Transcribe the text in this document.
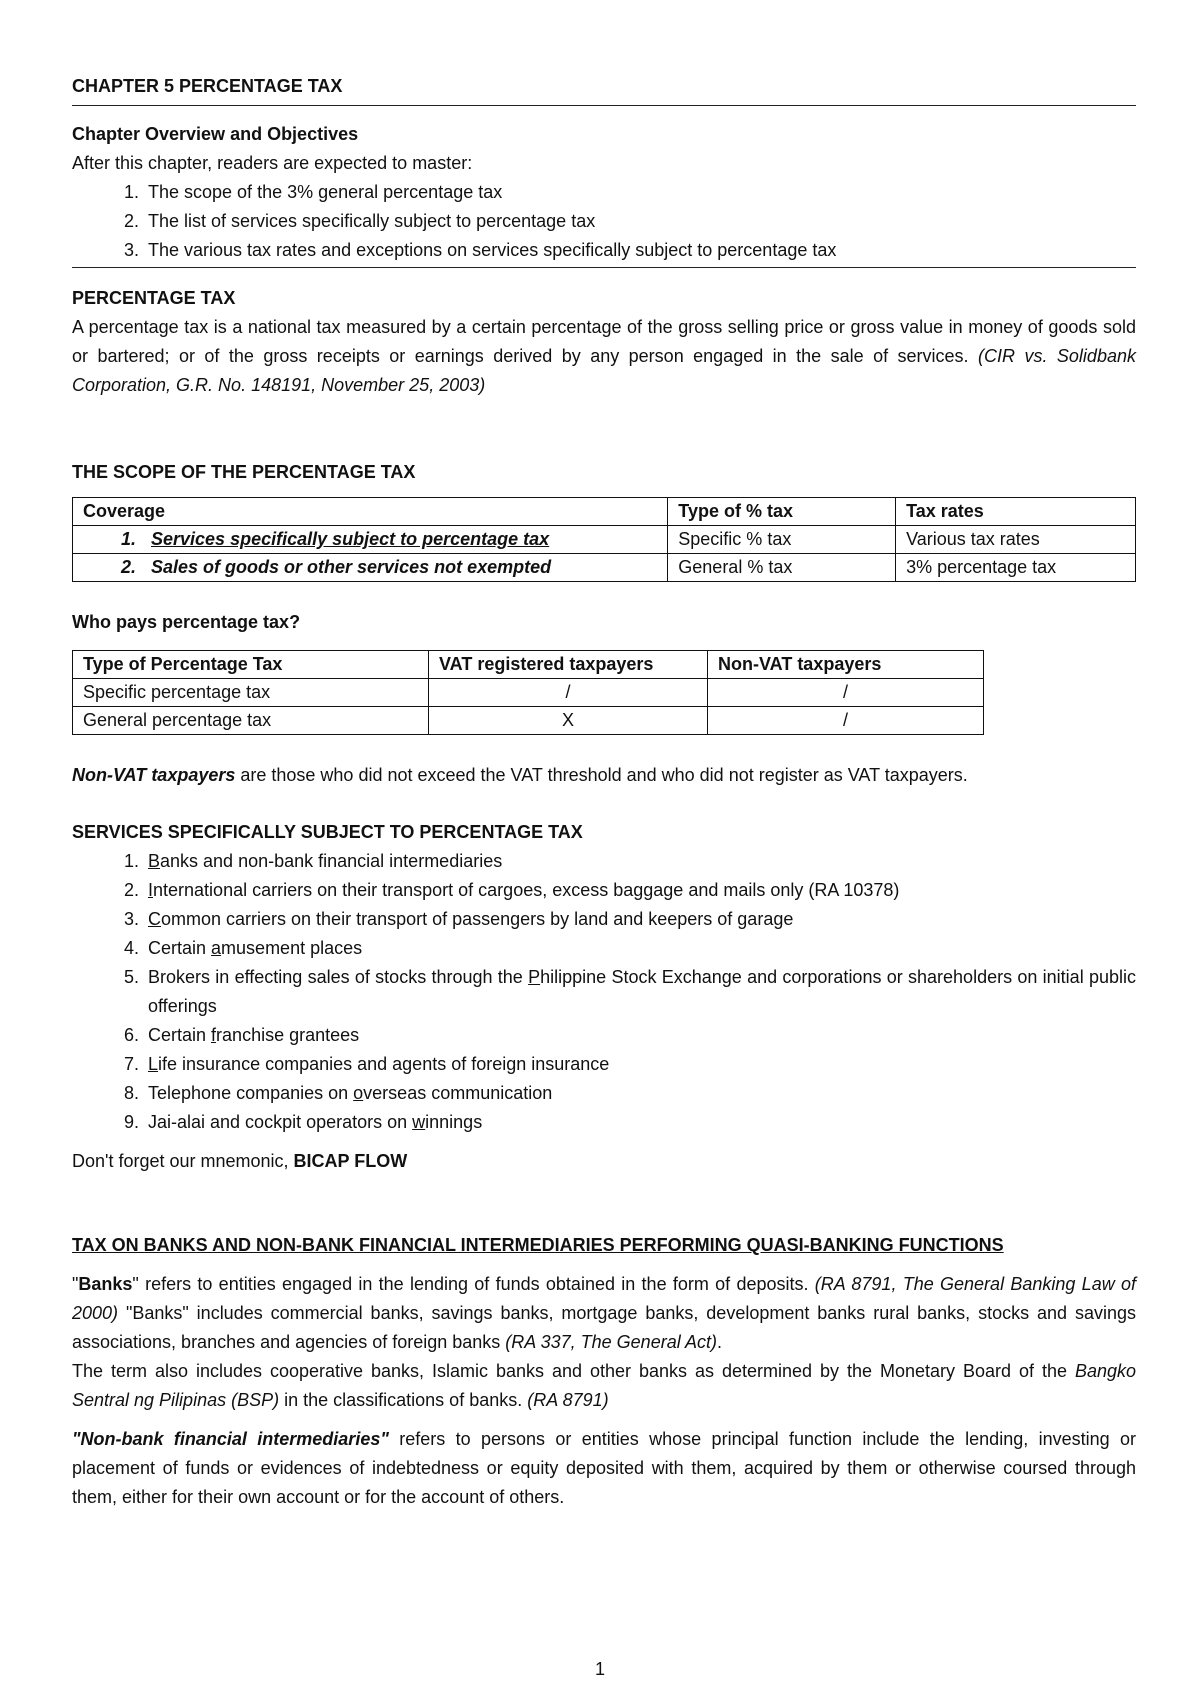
CHAPTER 5 PERCENTAGE TAX
Chapter Overview and Objectives
After this chapter, readers are expected to master:
1. The scope of the 3% general percentage tax
2. The list of services specifically subject to percentage tax
3. The various tax rates and exceptions on services specifically subject to percentage tax
PERCENTAGE TAX
A percentage tax is a national tax measured by a certain percentage of the gross selling price or gross value in money of goods sold or bartered; or of the gross receipts or earnings derived by any person engaged in the sale of services. (CIR vs. Solidbank Corporation, G.R. No. 148191, November 25, 2003)
THE SCOPE OF THE PERCENTAGE TAX
Coverage	Type of % tax	Tax rates
1. Services specifically subject to percentage tax	Specific % tax	Various tax rates
2. Sales of goods or other services not exempted	General % tax	3% percentage tax
Who pays percentage tax?
Type of Percentage Tax	VAT registered taxpayers	Non-VAT taxpayers
Specific percentage tax	/	/
General percentage tax	X	/
Non-VAT taxpayers are those who did not exceed the VAT threshold and who did not register as VAT taxpayers.
SERVICES SPECIFICALLY SUBJECT TO PERCENTAGE TAX
1. Banks and non-bank financial intermediaries
2. International carriers on their transport of cargoes, excess baggage and mails only (RA 10378)
3. Common carriers on their transport of passengers by land and keepers of garage
4. Certain amusement places
5. Brokers in effecting sales of stocks through the Philippine Stock Exchange and corporations or shareholders on initial public offerings
6. Certain franchise grantees
7. Life insurance companies and agents of foreign insurance
8. Telephone companies on overseas communication
9. Jai-alai and cockpit operators on winnings
Don't forget our mnemonic, BICAP FLOW
TAX ON BANKS AND NON-BANK FINANCIAL INTERMEDIARIES PERFORMING QUASI-BANKING FUNCTIONS
"Banks" refers to entities engaged in the lending of funds obtained in the form of deposits. (RA 8791, The General Banking Law of 2000) "Banks" includes commercial banks, savings banks, mortgage banks, development banks rural banks, stocks and savings associations, branches and agencies of foreign banks (RA 337, The General Act).
The term also includes cooperative banks, Islamic banks and other banks as determined by the Monetary Board of the Bangko Sentral ng Pilipinas (BSP) in the classifications of banks. (RA 8791)
"Non-bank financial intermediaries" refers to persons or entities whose principal function include the lending, investing or placement of funds or evidences of indebtedness or equity deposited with them, acquired by them or otherwise coursed through them, either for their own account or for the account of others.
1
